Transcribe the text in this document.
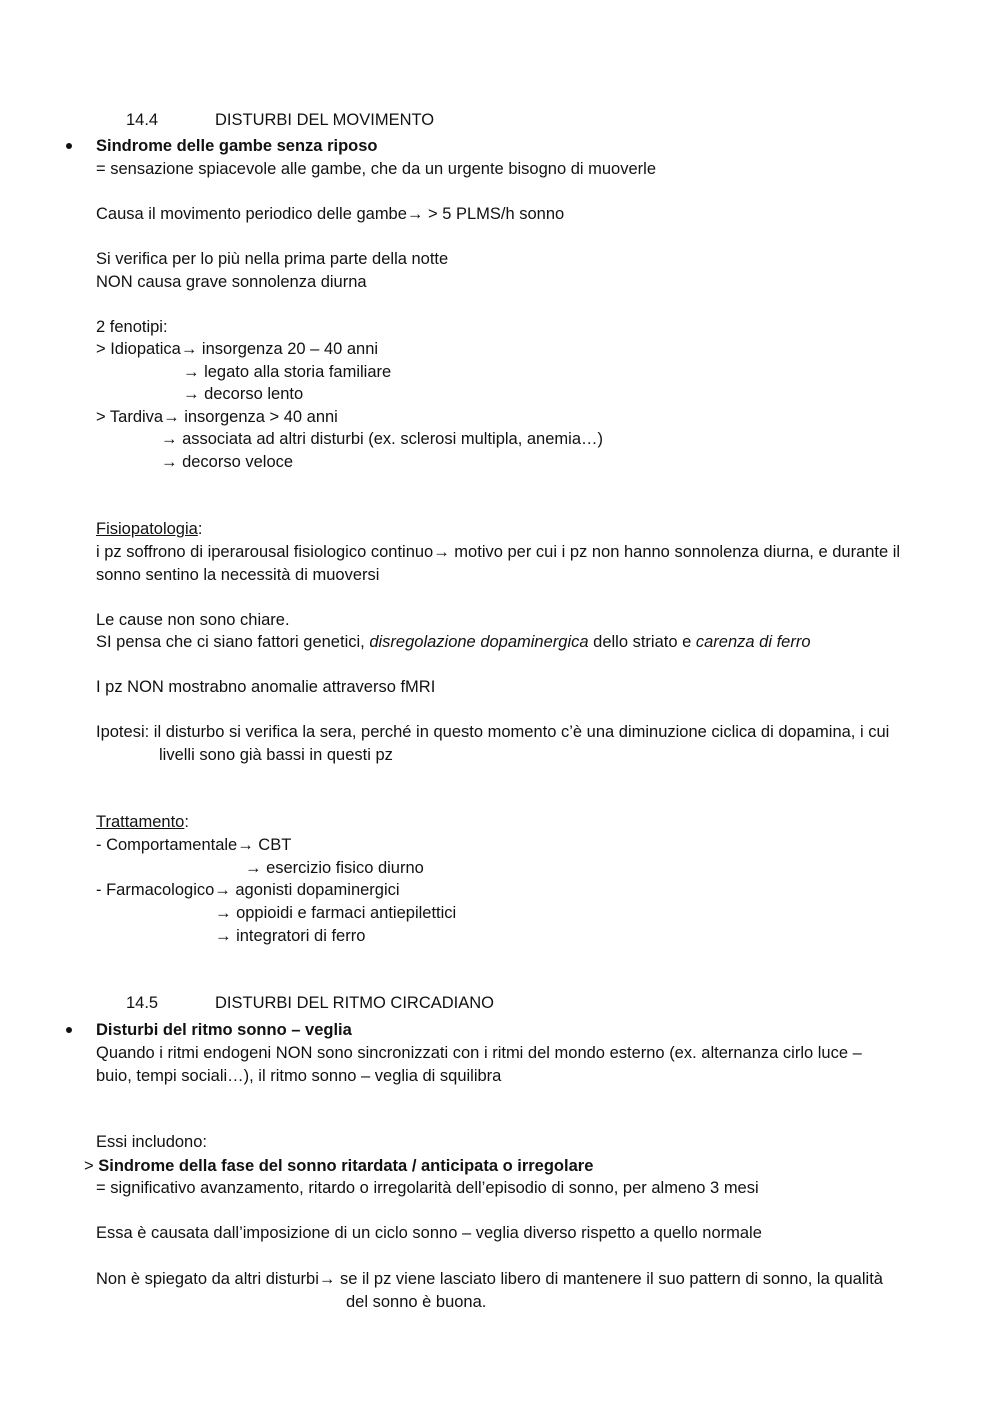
14.4	DISTURBI DEL MOVIMENTO
Sindrome delle gambe senza riposo
= sensazione spiacevole alle gambe, che da un urgente bisogno di muoverle
Causa il movimento periodico delle gambe→ > 5 PLMS/h sonno
Si verifica per lo più nella prima parte della notte
NON causa grave sonnolenza diurna
2 fenotipi:
> Idiopatica→ insorgenza 20 – 40 anni
→ legato alla storia familiare
→ decorso lento
> Tardiva→ insorgenza > 40 anni
→ associata ad altri disturbi (ex. sclerosi multipla, anemia…)
→ decorso veloce
Fisiopatologia:
i pz soffrono di iperarousal fisiologico continuo→ motivo per cui i pz non hanno sonnolenza diurna, e durante il
sonno sentino la necessità di muoversi
Le cause non sono chiare.
SI pensa che ci siano fattori genetici, disregolazione dopaminergica dello striato e carenza di ferro
I pz NON mostrabno anomalie attraverso fMRI
Ipotesi: il disturbo si verifica la sera, perché in questo momento c’è una diminuzione ciclica di dopamina, i cui
livelli sono già bassi in questi pz
Trattamento:
- Comportamentale→ CBT
→ esercizio fisico diurno
- Farmacologico→ agonisti dopaminergici
→ oppioidi e farmaci antiepilettici
→ integratori di ferro
14.5	DISTURBI DEL RITMO CIRCADIANO
Disturbi del ritmo sonno – veglia
Quando i ritmi endogeni NON sono sincronizzati con i ritmi del mondo esterno (ex. alternanza cirlo luce –
buio, tempi sociali…), il ritmo sonno – veglia di squilibra
Essi includono:
> Sindrome della fase del sonno ritardata / anticipata o irregolare
= significativo avanzamento, ritardo o irregolarità dell’episodio di sonno, per almeno 3 mesi
Essa è causata dall’imposizione di un ciclo sonno – veglia diverso rispetto a quello normale
Non è spiegato da altri disturbi→ se il pz viene lasciato libero di mantenere il suo pattern di sonno, la qualità
del sonno è buona.
